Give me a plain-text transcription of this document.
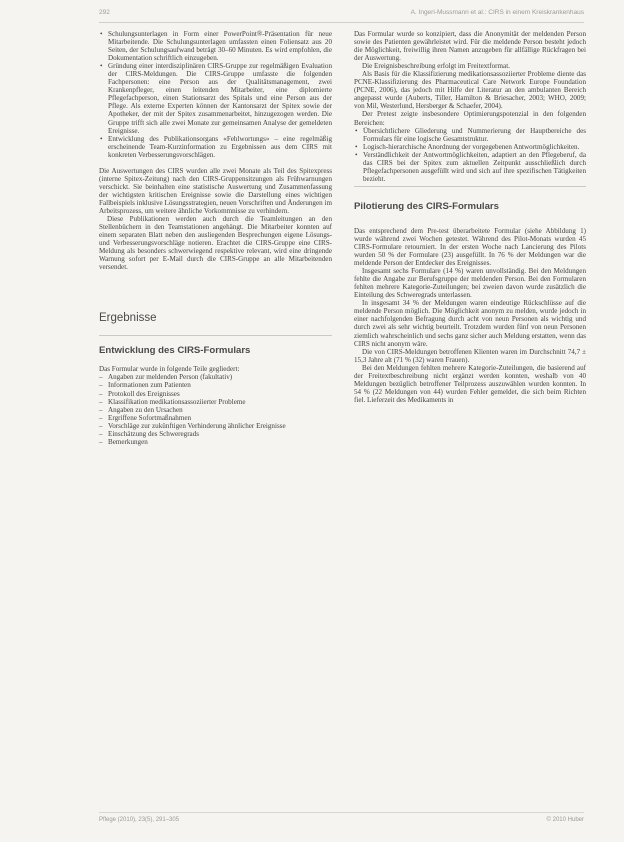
292	A. Ingeri-Mussmann et al.: CIRS in einem Kreiskrankenhaus
• Schulungsunterlagen in Form einer PowerPoint®-Präsentation für neue Mitarbeitende. Die Schulungsunterlagen umfassten einen Foliensatz aus 20 Seiten, der Schulungsaufwand beträgt 30–60 Minuten. Es wird empfohlen, die Dokumentation schriftlich einzugeben.
• Gründung einer interdisziplinären CIRS-Gruppe zur regelmäßigen Evaluation der CIRS-Meldungen. Die CIRS-Gruppe umfasste die folgenden Fachpersonen: eine Person aus der Qualitätsmanagement, zwei Krankenpfleger, einen leitenden Mitarbeiter, eine diplomierte Pflegefachperson, einen Stationsarzt des Spitals und eine Person aus der Pflege. Als externe Experten können der Kantonsarzt der Spitex sowie der Apotheker, der mit der Spitex zusammenarbeitet, hinzugezogen werden. Die Gruppe trifft sich alle zwei Monate zur gemeinsamen Analyse der gemeldeten Ereignisse.
• Entwicklung des Publikationsorgans «Fehlwortungs» – eine regelmäßig erscheinende Team-Kurzinformation zu Ergebnissen aus dem CIRS mit konkreten Verbesserungsvorschlägen.
Die Auswertungen des CIRS wurden alle zwei Monate als Teil des Spitexpress (interne Spitex-Zeitung) nach den CIRS-Gruppensitzungen als Frühwarnungen verschickt. Sie beinhalten eine statistische Auswertung und Zusammenfassung der wichtigsten kritischen Ereignisse sowie die Darstellung eines wichtigen Fallbeispiels inklusive Lösungsstrategien, neuen Vorschriften und Änderungen im Arbeitsprozess, um weitere ähnliche Vorkommnisse zu verhindern.
Diese Publikationen werden auch durch die Teamleitungen an den Stellenbüchern in den Teamstationen angehängt. Die Mitarbeiter konnten auf einem separaten Blatt neben den ausliegenden Besprechungen eigene Lösungs- und Verbesserungsvorschläge notieren. Erachtet die CIRS-Gruppe eine CIRS-Meldung als besonders schwerwiegend respektive relevant, wird eine dringende Warnung sofort per E-Mail durch die CIRS-Gruppe an alle Mitarbeitenden versendet.
Ergebnisse
Entwicklung des CIRS-Formulars
Das Formular wurde in folgende Teile gegliedert:
– Angaben zur meldenden Person (fakultativ)
– Informationen zum Patienten
– Protokoll des Ereignisses
– Klassifikation medikationsassoziierter Probleme
– Angaben zu den Ursachen
– Ergriffene Sofortmaßnahmen
– Vorschläge zur zukünftigen Verhinderung ähnlicher Ereignisse
– Einschätzung des Schweregrads
– Bemerkungen
Das Formular wurde so konzipiert, dass die Anonymität der meldenden Person sowie des Patienten gewährleistet wird. Für die meldende Person besteht jedoch die Möglichkeit, freiwillig ihren Namen anzugeben für allfällige Rückfragen bei der Auswertung.
Die Ereignisbeschreibung erfolgt im Freitextformat.
Als Basis für die Klassifizierung medikationsassoziierter Probleme diente das PCNE-Klassifizierung des Pharmaceutical Care Network Europe Foundation (PCNE, 2006), das jedoch mit Hilfe der Literatur an den ambulanten Bereich angepasst wurde (Auberts, Tiller, Hamilton & Briesacher, 2003; WHO, 2009; von Mil, Westerlund, Hersberger & Schaefer, 2004).
Der Pretest zeigte insbesondere Optimierungspotenzial in den folgenden Bereichen:
• Übersichtlichere Gliederung und Nummerierung der Hauptbereiche des Formulars für eine logische Gesamtstruktur.
• Logisch-hierarchische Anordnung der vorgegebenen Antwortmöglichkeiten.
• Verständlichkeit der Antwortmöglichkeiten, adaptiert an den Pflegeberuf, da das CIRS bei der Spitex zum aktuellen Zeitpunkt ausschließlich durch Pflegefachpersonen ausgefüllt wird und sich auf ihre spezifischen Tätigkeiten bezieht.
Pilotierung des CIRS-Formulars
Das entsprechend dem Pre-test überarbeitete Formular (siehe Abbildung 1) wurde während zwei Wochen getestet. Während des Pilot-Monats wurden 45 CIRS-Formulare retourniert. In der ersten Woche nach Lancierung des Pilots wurden 50 % der Formulare (23) ausgefüllt. In 76 % der Meldungen war die meldende Person der Entdecker des Ereignisses.
Insgesamt sechs Formulare (14 %) waren unvollständig. Bei den Meldungen fehlte die Angabe zur Berufsgruppe der meldenden Person. Bei den Formularen fehlten mehrere Kategorie-Zuteilungen; bei zweien davon wurde zusätzlich die Einteilung des Schweregrads unterlassen.
In insgesamt 34 % der Meldungen waren eindeutige Rückschlüsse auf die meldende Person möglich. Die Möglichkeit anonym zu melden, wurde jedoch in einer nachfolgenden Befragung durch acht von neun Personen als wichtig und durch zwei als sehr wichtig beurteilt. Trotzdem wurden fünf von neun Personen ziemlich wahrscheinlich und sechs ganz sicher auch Meldung erstatten, wenn das CIRS nicht anonym wäre.
Die von CIRS-Meldungen betroffenen Klienten waren im Durchschnitt 74,7 ± 15,3 Jahre alt (71 % (32) waren Frauen).
Bei den Meldungen fehlten mehrere Kategorie-Zuteilungen, die basierend auf der Freitextbeschreibung nicht ergänzt werden konnten, weshalb von 40 Meldungen bezüglich betroffener Teilprozess auszuwählen wurden konnten. In 54 % (22 Meldungen von 44) wurden Fehler gemeldet, die sich beim Richten fiel. Lieferzeit des Medikaments in
Pflege (2010), 23(5), 291–305	© 2010 Huber
